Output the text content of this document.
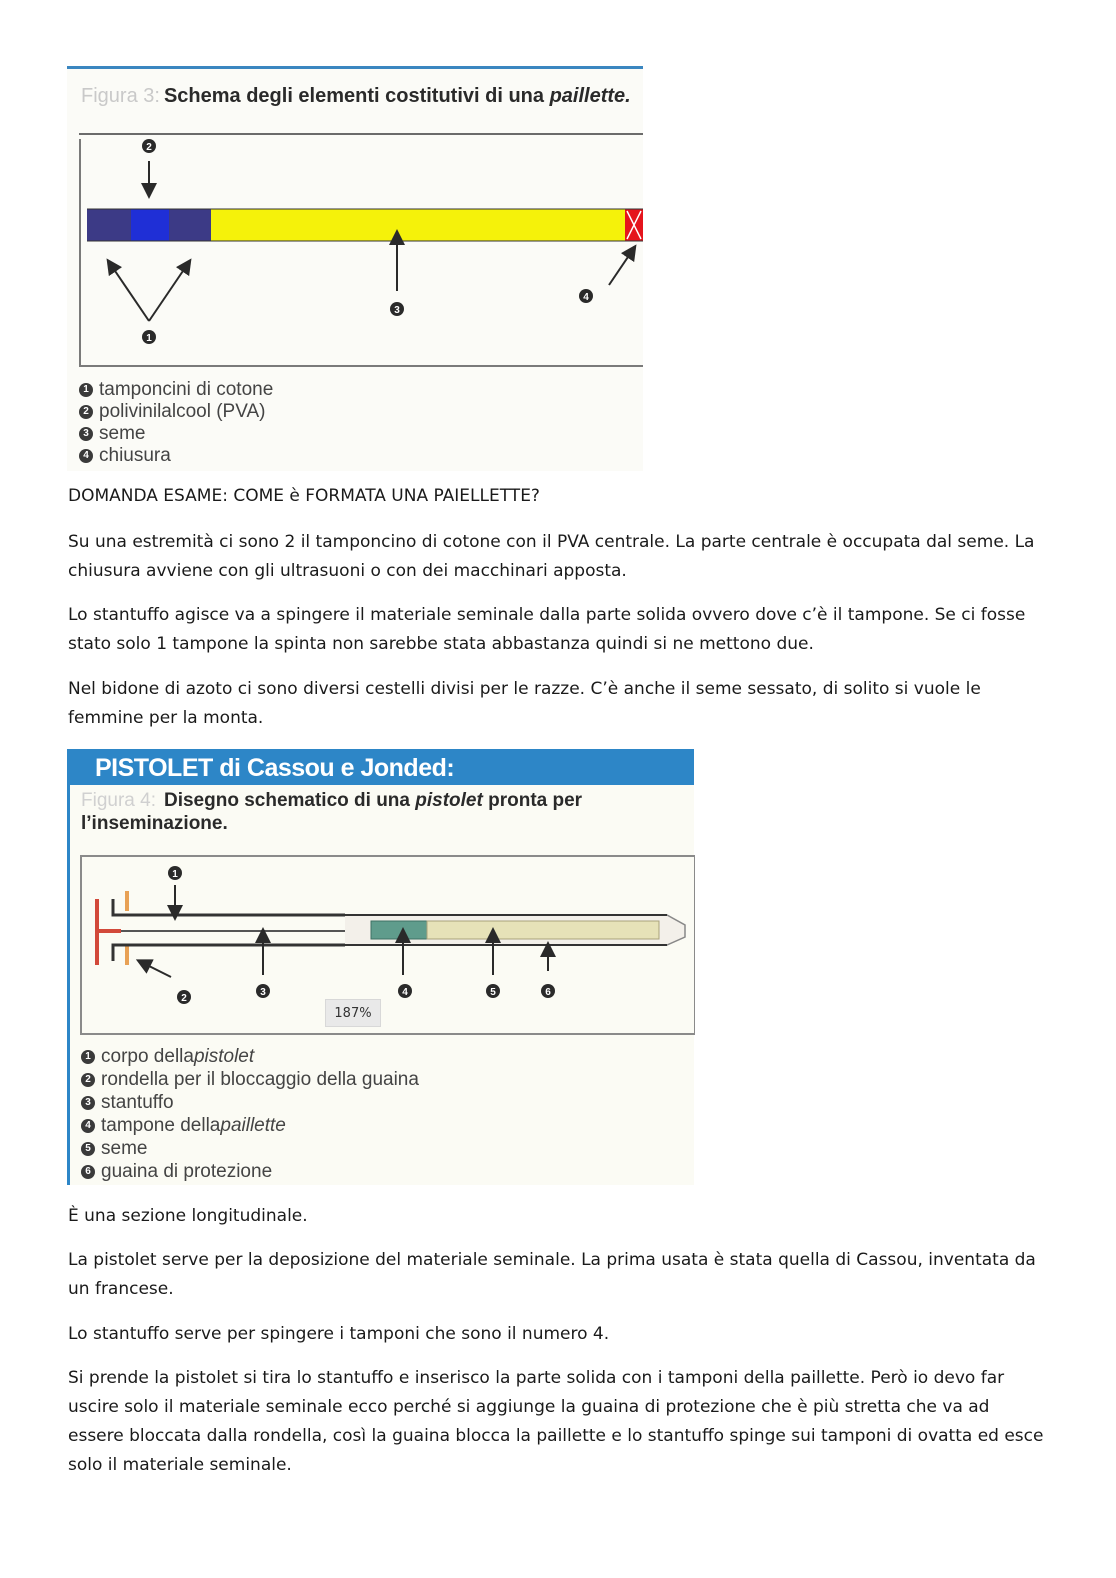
Figura 3: Schema degli elementi costitutivi di una paillette.
2
1
3
4
1 tamponcini di cotone
2 polivinilalcool (PVA)
3 seme
4 chiusura

DOMANDA ESAME: COME è FORMATA UNA PAIELLETTE?

Su una estremità ci sono 2 il tamponcino di cotone con il PVA centrale. La parte centrale è occupata dal seme. La chiusura avviene con gli ultrasuoni o con dei macchinari apposta.

Lo stantuffo agisce va a spingere il materiale seminale dalla parte solida ovvero dove c’è il tampone. Se ci fosse stato solo 1 tampone la spinta non sarebbe stata abbastanza quindi si ne mettono due.

Nel bidone di azoto ci sono diversi cestelli divisi per le razze. C’è anche il seme sessato, di solito si vuole le femmine per la monta.

PISTOLET di Cassou e Jonded:
Figura 4: Disegno schematico di una pistolet pronta per l’inseminazione.
1
2
3	4	5	6
1 corpo della pistolet
2 rondella per il bloccaggio della guaina
3 stantuffo
4 tampone della paillette
5 seme
6 guaina di protezione
187%

È una sezione longitudinale.

La pistolet serve per la deposizione del materiale seminale. La prima usata è stata quella di Cassou, inventata da un francese.

Lo stantuffo serve per spingere i tamponi che sono il numero 4.

Si prende la pistolet si tira lo stantuffo e inserisco la parte solida con i tamponi della paillette. Però io devo far uscire solo il materiale seminale ecco perché si aggiunge la guaina di protezione che è più stretta che va ad essere bloccata dalla rondella, così la guaina blocca la paillette e lo stantuffo spinge sui tamponi di ovatta ed esce solo il materiale seminale.
